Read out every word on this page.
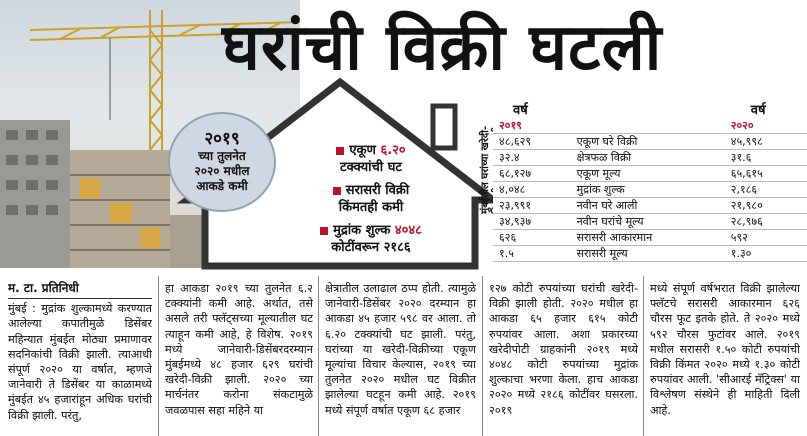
घरांची विक्री घटली
२०१९
च्या तुलनेत
२०२० मधील
आकडे कमी
एकूण ६.२०
टक्क्यांची घट
सरासरी विक्री
किंमतही कमी
मुद्रांक शुल्क ४०४८
कोटींवरून २१८६
मुंबईतील घरांच्या खरेदी-
वर्ष		वर्ष
२०१९		२०२०
४८,६२९	एकूण घरे विक्री	४५,९९८
३२.४	क्षेत्रफळ विक्री	३१.६
६८,१२७	एकूण मूल्य	६५,६१५
४,०४८	मुद्रांक शुल्क	२,१८६
२३,९९१	नवीन घरे आली	२१,९८०
३४,९३७	नवीन घरांचे मूल्य	२८,९७६
६२६	सरासरी आकारमान	५९२
१.५	सरासरी मूल्य	१.३०
म. टा. प्रतिनिधी
मुंबई : मुद्रांक शुल्कामध्ये करण्यात आलेल्या कपातीमुळे डिसेंबर महिन्यात मुंबईत मोठ्या प्रमाणावर सदनिकांची विक्री झाली. त्याआधी संपूर्ण २०२० या वर्षात, म्हणजे जानेवारी ते डिसेंबर या काळामध्ये मुंबईत ४५ हजारांहून अधिक घरांची विक्री झाली. परंतु,
हा आकडा २०१९ च्या तुलनेत ६.२ टक्क्यांनी कमी आहे. अर्थात, तसे असले तरी फ्लॅट्सच्या मूल्यातील घट त्याहून कमी आहे, हे विशेष. २०१९ मध्ये जानेवारी-डिसेंबरदरम्यान मुंबईमध्ये ४८ हजार ६२९ घरांची खरेदी-विक्री झाली. २०२० च्या मार्चनंतर करोना संकटामुळे जवळपास सहा महिने या
क्षेत्रातील उलाढाल ठप्प होती. त्यामुळे जानेवारी-डिसेंबर २०२० दरम्यान हा आकडा ४५ हजार ५९८ वर आला. तो ६.२० टक्क्यांची घट झाली. परंतु, घरांच्या या खरेदी-विक्रीच्या एकूण मूल्यांचा विचार केल्यास, २०१९ च्या तुलनेत २०२० मधील घट विक्रीत झालेल्या घटहून कमी आहे. २०१९ मध्ये संपूर्ण वर्षात एकूण ६८ हजार
१२७ कोटी रुपयांच्या घरांची खरेदी-विक्री झाली होती. २०२० मधील हा आकडा ६५ हजार ६१५ कोटी रुपयांवर आला. अशा प्रकारच्या खरेदीपोटी ग्राहकांनी २०१९ मध्ये ४०४८ कोटी रुपयांच्या मुद्रांक शुल्काचा भरणा केला. हाच आकडा २०२० मध्ये २१८६ कोटींवर घसरला. २०१९
मध्ये संपूर्ण वर्षभरात विक्री झालेल्या फ्लॅटचे सरासरी आकारमान ६२६ चौरस फूट इतके होते. ते २०२० मध्ये ५९२ चौरस फुटांवर आले. २०१९ मधील सरासरी १.५० कोटी रुपयांची विक्री किंमत २०२० मध्ये १.३० कोटी रुपयांवर आली. 'सीआरई मॅट्रिक्स' या विश्लेषण संस्थेने ही माहिती दिली आहे.
